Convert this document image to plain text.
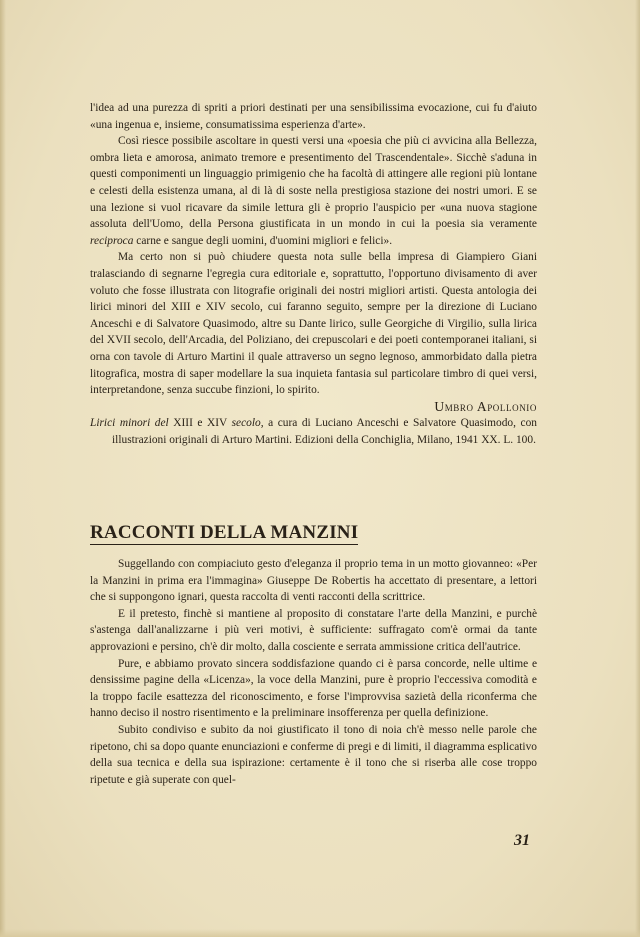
l'idea ad una purezza di spriti a priori destinati per una sensibilissima evocazione, cui fu d'aiuto «una ingenua e, insieme, consumatissima esperienza d'arte».

Così riesce possibile ascoltare in questi versi una «poesia che più ci avvicina alla Bellezza, ombra lieta e amorosa, animato tremore e presentimento del Trascendentale». Sicchè s'aduna in questi componimenti un linguaggio primigenio che ha facoltà di attingere alle regioni più lontane e celesti della esistenza umana, al di là di soste nella prestigiosa stazione dei nostri umori. E se una lezione si vuol ricavare da simile lettura gli è proprio l'auspicio per «una nuova stagione assoluta dell'Uomo, della Persona giustificata in un mondo in cui la poesia sia veramente reciproca carne e sangue degli uomini, d'uomini migliori e felici».

Ma certo non si può chiudere questa nota sulle bella impresa di Giampiero Giani tralasciando di segnarne l'egregia cura editoriale e, soprattutto, l'opportuno divisamento di aver voluto che fosse illustrata con litografie originali dei nostri migliori artisti. Questa antologia dei lirici minori del XIII e XIV secolo, cui faranno seguito, sempre per la direzione di Luciano Anceschi e di Salvatore Quasimodo, altre su Dante lirico, sulle Georgiche di Virgilio, sulla lirica del XVII secolo, dell'Arcadia, del Poliziano, dei crepuscolari e dei poeti contemporanei italiani, si orna con tavole di Arturo Martini il quale attraverso un segno legnoso, ammorbidato dalla pietra litografica, mostra di saper modellare la sua inquieta fantasia sul particolare timbro di quei versi, interpretandone, senza succube finzioni, lo spirito.

Umbro Apollonio

Lirici minori del XIII e XIV secolo, a cura di Luciano Anceschi e Salvatore Quasimodo, con illustrazioni originali di Arturo Martini. Edizioni della Conchiglia, Milano, 1941 XX. L. 100.

RACCONTI DELLA MANZINI

Suggellando con compiaciuto gesto d'eleganza il proprio tema in un motto giovanneo: «Per la Manzini in prima era l'immagina» Giuseppe De Robertis ha accettato di presentare, a lettori che si suppongono ignari, questa raccolta di venti racconti della scrittrice.

E il pretesto, finchè si mantiene al proposito di constatare l'arte della Manzini, e purchè s'astenga dall'analizzarne i più veri motivi, è sufficiente: suffragato com'è ormai da tante approvazioni e persino, ch'è dir molto, dalla cosciente e serrata ammissione critica dell'autrice.

Pure, e abbiamo provato sincera soddisfazione quando ci è parsa concorde, nelle ultime e densissime pagine della «Licenza», la voce della Manzini, pure è proprio l'eccessiva comodità e la troppo facile esattezza del riconoscimento, e forse l'improvvisa sazietà della riconferma che hanno deciso il nostro risentimento e la preliminare insofferenza per quella definizione.

Subito condiviso e subito da noi giustificato il tono di noia ch'è messo nelle parole che ripetono, chi sa dopo quante enunciazioni e conferme di pregi e di limiti, il diagramma esplicativo della sua tecnica e della sua ispirazione: certamente è il tono che si riserba alle cose troppo ripetute e già superate con quel-

31
